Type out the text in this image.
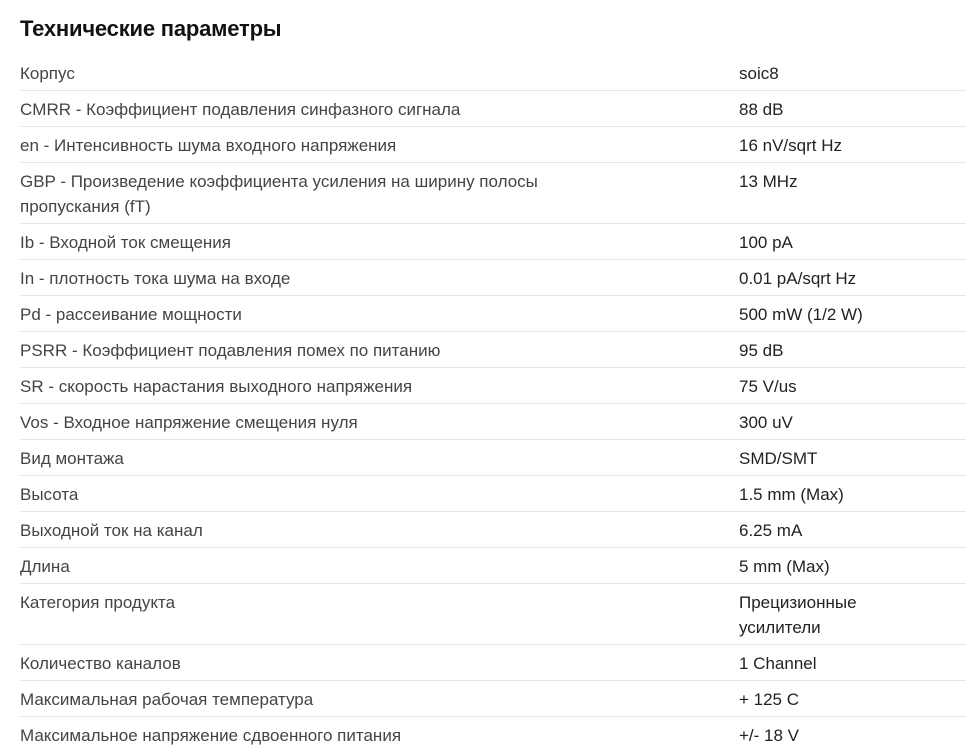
Технические параметры
Корпус	soic8
CMRR - Коэффициент подавления синфазного сигнала	88 dB
en - Интенсивность шума входного напряжения	16 nV/sqrt Hz
GBP - Произведение коэффициента усиления на ширину полосы пропускания (fT)	13 MHz
Ib - Входной ток смещения	100 pA
In - плотность тока шума на входе	0.01 pA/sqrt Hz
Pd - рассеивание мощности	500 mW (1/2 W)
PSRR - Коэффициент подавления помех по питанию	95 dB
SR - скорость нарастания выходного напряжения	75 V/us
Vos - Входное напряжение смещения нуля	300 uV
Вид монтажа	SMD/SMT
Высота	1.5 mm (Max)
Выходной ток на канал	6.25 mA
Длина	5 mm (Max)
Категория продукта	Прецизионные усилители
Количество каналов	1 Channel
Максимальная рабочая температура	+ 125 C
Максимальное напряжение сдвоенного питания	+/- 18 V
